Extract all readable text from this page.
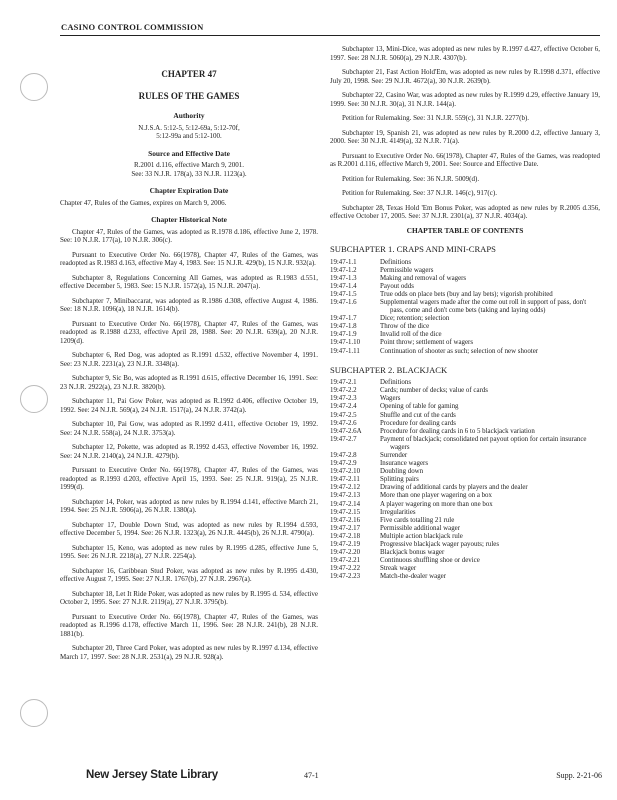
CASINO CONTROL COMMISSION
CHAPTER 47
RULES OF THE GAMES
Authority
N.J.S.A. 5:12-5, 5:12-69a, 5:12-70f,
5:12-99a and 5:12-100.
Source and Effective Date
R.2001 d.116, effective March 9, 2001.
See: 33 N.J.R. 178(a), 33 N.J.R. 1123(a).
Chapter Expiration Date
Chapter 47, Rules of the Games, expires on March 9, 2006.
Chapter Historical Note
Chapter 47, Rules of the Games, was adopted as R.1978 d.186, effective June 2, 1978. See: 10 N.J.R. 177(a), 10 N.J.R. 306(c).
Pursuant to Executive Order No. 66(1978), Chapter 47, Rules of the Games, was readopted as R.1983 d.163, effective May 4, 1983. See: 15 N.J.R. 429(b), 15 N.J.R. 932(a).
Subchapter 8, Regulations Concerning All Games, was adopted as R.1983 d.551, effective December 5, 1983. See: 15 N.J.R. 1572(a), 15 N.J.R. 2047(a).
Subchapter 7, Minibaccarat, was adopted as R.1986 d.308, effective August 4, 1986. See: 18 N.J.R. 1096(a), 18 N.J.R. 1614(b).
Pursuant to Executive Order No. 66(1978), Chapter 47, Rules of the Games, was readopted as R.1988 d.233, effective April 28, 1988. See: 20 N.J.R. 639(a), 20 N.J.R. 1209(d).
Subchapter 6, Red Dog, was adopted as R.1991 d.532, effective November 4, 1991. See: 23 N.J.R. 2231(a), 23 N.J.R. 3348(a).
Subchapter 9, Sic Bo, was adopted as R.1991 d.615, effective December 16, 1991. See: 23 N.J.R. 2922(a), 23 N.J.R. 3820(b).
Subchapter 11, Pai Gow Poker, was adopted as R.1992 d.406, effective October 19, 1992. See: 24 N.J.R. 569(a), 24 N.J.R. 1517(a), 24 N.J.R. 3742(a).
Subchapter 10, Pai Gow, was adopted as R.1992 d.411, effective October 19, 1992. See: 24 N.J.R. 558(a), 24 N.J.R. 3753(a).
Subchapter 12, Pokette, was adopted as R.1992 d.453, effective November 16, 1992. See: 24 N.J.R. 2140(a), 24 N.J.R. 4279(b).
Pursuant to Executive Order No. 66(1978), Chapter 47, Rules of the Games, was readopted as R.1993 d.203, effective April 15, 1993. See: 25 N.J.R. 919(a), 25 N.J.R. 1999(d).
Subchapter 14, Poker, was adopted as new rules by R.1994 d.141, effective March 21, 1994. See: 25 N.J.R. 5906(a), 26 N.J.R. 1380(a).
Subchapter 17, Double Down Stud, was adopted as new rules by R.1994 d.593, effective December 5, 1994. See: 26 N.J.R. 1323(a), 26 N.J.R. 4445(b), 26 N.J.R. 4790(a).
Subchapter 15, Keno, was adopted as new rules by R.1995 d.285, effective June 5, 1995. See: 26 N.J.R. 2218(a), 27 N.J.R. 2254(a).
Subchapter 16, Caribbean Stud Poker, was adopted as new rules by R.1995 d.430, effective August 7, 1995. See: 27 N.J.R. 1767(b), 27 N.J.R. 2967(a).
Subchapter 18, Let It Ride Poker, was adopted as new rules by R.1995 d. 534, effective October 2, 1995. See: 27 N.J.R. 2119(a), 27 N.J.R. 3795(b).
Pursuant to Executive Order No. 66(1978), Chapter 47, Rules of the Games, was readopted as R.1996 d.178, effective March 11, 1996. See: 28 N.J.R. 241(b), 28 N.J.R. 1881(b).
Subchapter 20, Three Card Poker, was adopted as new rules by R.1997 d.134, effective March 17, 1997. See: 28 N.J.R. 2531(a), 29 N.J.R. 928(a).
Subchapter 13, Mini-Dice, was adopted as new rules by R.1997 d.427, effective October 6, 1997. See: 28 N.J.R. 5060(a), 29 N.J.R. 4307(b).
Subchapter 21, Fast Action Hold'Em, was adopted as new rules by R.1998 d.371, effective July 20, 1998. See: 29 N.J.R. 4672(a), 30 N.J.R. 2639(b).
Subchapter 22, Casino War, was adopted as new rules by R.1999 d.29, effective January 19, 1999. See: 30 N.J.R. 30(a), 31 N.J.R. 144(a).
Petition for Rulemaking. See: 31 N.J.R. 559(c), 31 N.J.R. 2277(b).
Subchapter 19, Spanish 21, was adopted as new rules by R.2000 d.2, effective January 3, 2000. See: 30 N.J.R. 4149(a), 32 N.J.R. 71(a).
Pursuant to Executive Order No. 66(1978), Chapter 47, Rules of the Games, was readopted as R.2001 d.116, effective March 9, 2001. See: Source and Effective Date.
Petition for Rulemaking. See: 36 N.J.R. 5009(d).
Petition for Rulemaking. See: 37 N.J.R. 146(c), 917(c).
Subchapter 28, Texas Hold 'Em Bonus Poker, was adopted as new rules by R.2005 d.356, effective October 17, 2005. See: 37 N.J.R. 2301(a), 37 N.J.R. 4034(a).
CHAPTER TABLE OF CONTENTS
SUBCHAPTER 1. CRAPS AND MINI-CRAPS
19:47-1.1	Definitions
19:47-1.2	Permissible wagers
19:47-1.3	Making and removal of wagers
19:47-1.4	Payout odds
19:47-1.5	True odds on place bets (buy and lay bets); vigorish prohibited
19:47-1.6	Supplemental wagers made after the come out roll in support of pass, don't pass, come and don't come bets (taking and laying odds)
19:47-1.7	Dice; retention; selection
19:47-1.8	Throw of the dice
19:47-1.9	Invalid roll of the dice
19:47-1.10	Point throw; settlement of wagers
19:47-1.11	Continuation of shooter as such; selection of new shooter
SUBCHAPTER 2. BLACKJACK
19:47-2.1	Definitions
19:47-2.2	Cards; number of decks; value of cards
19:47-2.3	Wagers
19:47-2.4	Opening of table for gaming
19:47-2.5	Shuffle and cut of the cards
19:47-2.6	Procedure for dealing cards
19:47-2.6A	Procedure for dealing cards in 6 to 5 blackjack variation
19:47-2.7	Payment of blackjack; consolidated net payout option for certain insurance wagers
19:47-2.8	Surrender
19:47-2.9	Insurance wagers
19:47-2.10	Doubling down
19:47-2.11	Splitting pairs
19:47-2.12	Drawing of additional cards by players and the dealer
19:47-2.13	More than one player wagering on a box
19:47-2.14	A player wagering on more than one box
19:47-2.15	Irregularities
19:47-2.16	Five cards totalling 21 rule
19:47-2.17	Permissible additional wager
19:47-2.18	Multiple action blackjack rule
19:47-2.19	Progressive blackjack wager payouts; rules
19:47-2.20	Blackjack bonus wager
19:47-2.21	Continuous shuffling shoe or device
19:47-2.22	Streak wager
19:47-2.23	Match-the-dealer wager
New Jersey State Library	47-1	Supp. 2-21-06
